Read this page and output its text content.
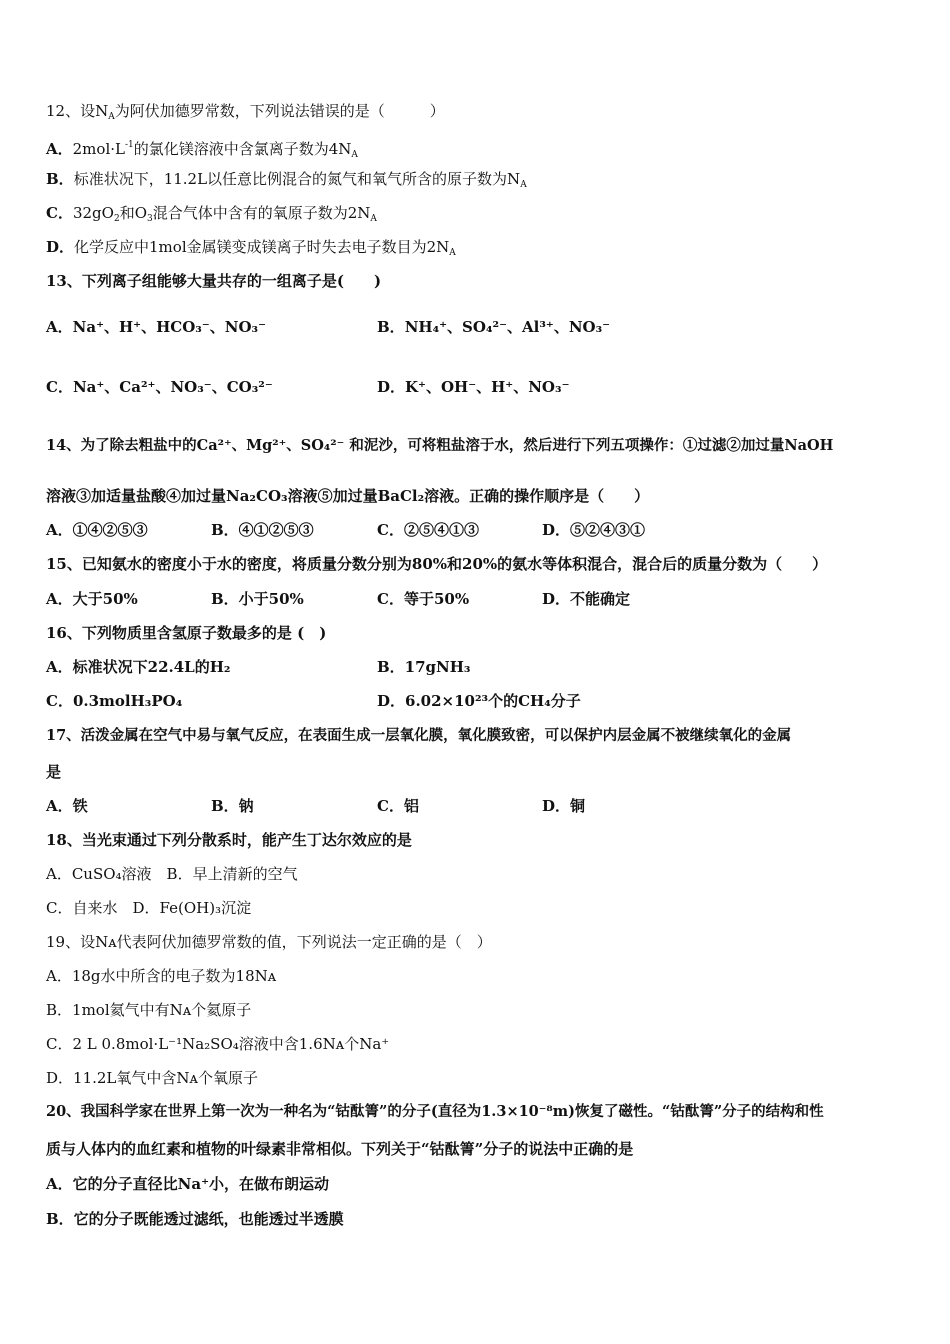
12、设$N_A$为阿伏加德罗常数，下列说法错误的是（　　　）
A．$2mol\cdot L^{-1}$的氯化镁溶液中含氯离子数为$4N_A$
B．标准状况下，11.2L以任意比例混合的氮气和氧气所含的原子数为$N_A$
C．$32gO_2$和$O_3$混合气体中含有的氧原子数为$2N_A$
D．化学反应中1mol金属镁变成镁离子时失去电子数目为$2N_A$
13、下列离子组能够大量共存的一组离子是(　　)
A．Na⁺、H⁺、HCO₃⁻、NO₃⁻	B．NH₄⁺、SO₄²⁻、Al³⁺、NO₃⁻
C．Na⁺、Ca²⁺、NO₃⁻、CO₃²⁻	D．K⁺、OH⁻、H⁺、NO₃⁻
14、为了除去粗盐中的Ca²⁺、Mg²⁺、SO₄²⁻ 和泥沙，可将粗盐溶于水，然后进行下列五项操作：①过滤②加过量NaOH
溶液③加适量盐酸④加过量Na₂CO₃溶液⑤加过量BaCl₂溶液。正确的操作顺序是（　　）
A．①④②⑤③	B．④①②⑤③	C．②⑤④①③	D．⑤②④③①
15、已知氨水的密度小于水的密度，将质量分数分别为80%和20%的氨水等体积混合，混合后的质量分数为（　　）
A．大于50%	B．小于50%	C．等于50%	D．不能确定
16、下列物质里含氢原子数最多的是 (　)
A．标准状况下22.4L的H₂	B．17gNH₃
C．0.3molH₃PO₄	D．6.02×10²³个的CH₄分子
17、活泼金属在空气中易与氧气反应，在表面生成一层氧化膜，氧化膜致密，可以保护内层金属不被继续氧化的金属
是
A．铁	B．钠	C．铝	D．铜
18、当光束通过下列分散系时，能产生丁达尔效应的是
A．CuSO₄溶液　B．早上清新的空气
C．自来水　D．Fe(OH)₃沉淀
19、设Nᴀ代表阿伏加德罗常数的值，下列说法一定正确的是（　）
A．18g水中所含的电子数为18Nᴀ
B．1mol氦气中有Nᴀ个氦原子
C．2 L 0.8mol·L⁻¹Na₂SO₄溶液中含1.6Nᴀ个Na⁺
D．11.2L氧气中含Nᴀ个氧原子
20、我国科学家在世界上第一次为一种名为“钴酞箐”的分子(直径为1.3×10⁻⁸m)恢复了磁性。“钴酞箐”分子的结构和性
质与人体内的血红素和植物的叶绿素非常相似。下列关于“钴酞箐”分子的说法中正确的是
A．它的分子直径比Na⁺小，在做布朗运动
B．它的分子既能透过滤纸，也能透过半透膜
